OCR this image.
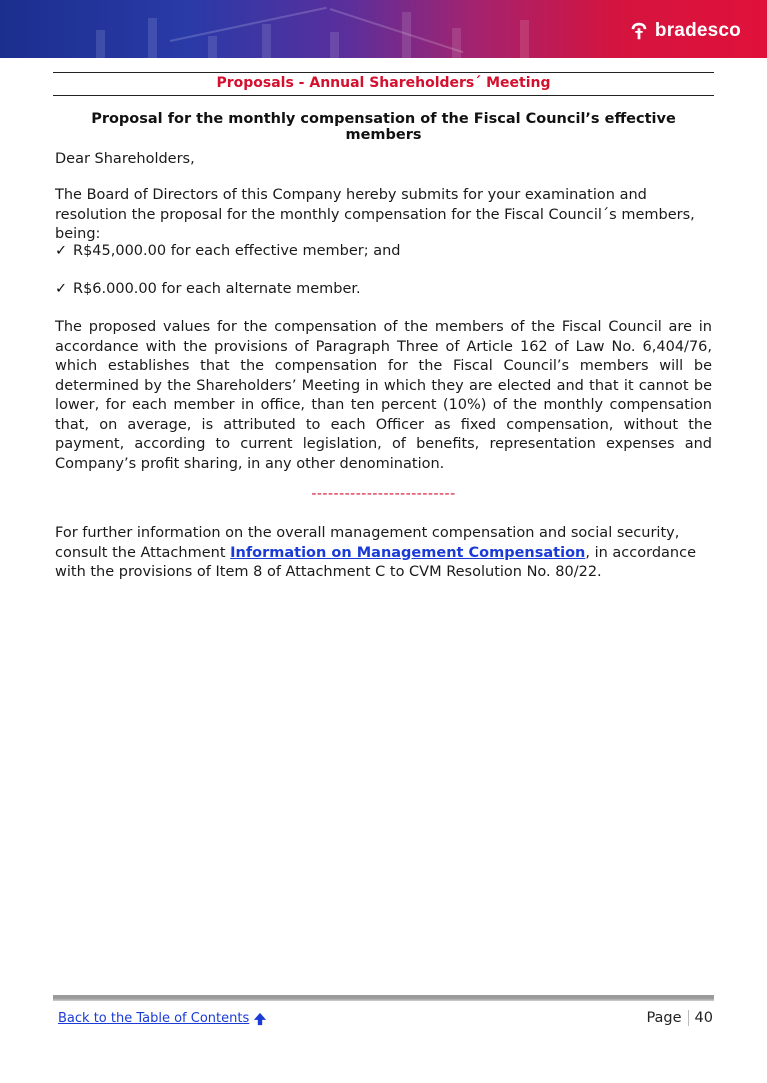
bradesco
Proposals - Annual Shareholders´ Meeting
Proposal for the monthly compensation of the Fiscal Council’s effective members

Dear Shareholders,

The Board of Directors of this Company hereby submits for your examination and resolution the proposal for the monthly compensation for the Fiscal Council´s members, being:

✓ R$45,000.00 for each effective member; and
✓ R$6.000.00 for each alternate member.

The proposed values for the compensation of the members of the Fiscal Council are in accordance with the provisions of Paragraph Three of Article 162 of Law No. 6,404/76, which establishes that the compensation for the Fiscal Council’s members will be determined by the Shareholders’ Meeting in which they are elected and that it cannot be lower, for each member in office, than ten percent (10%) of the monthly compensation that, on average, is attributed to each Officer as fixed compensation, without the payment, according to current legislation, of benefits, representation expenses and Company’s profit sharing, in any other denomination.

--------------------------

For further information on the overall management compensation and social security, consult the Attachment Information on Management Compensation, in accordance with the provisions of Item 8 of Attachment C to CVM Resolution No. 80/22.

Back to the Table of Contents	Page 40
